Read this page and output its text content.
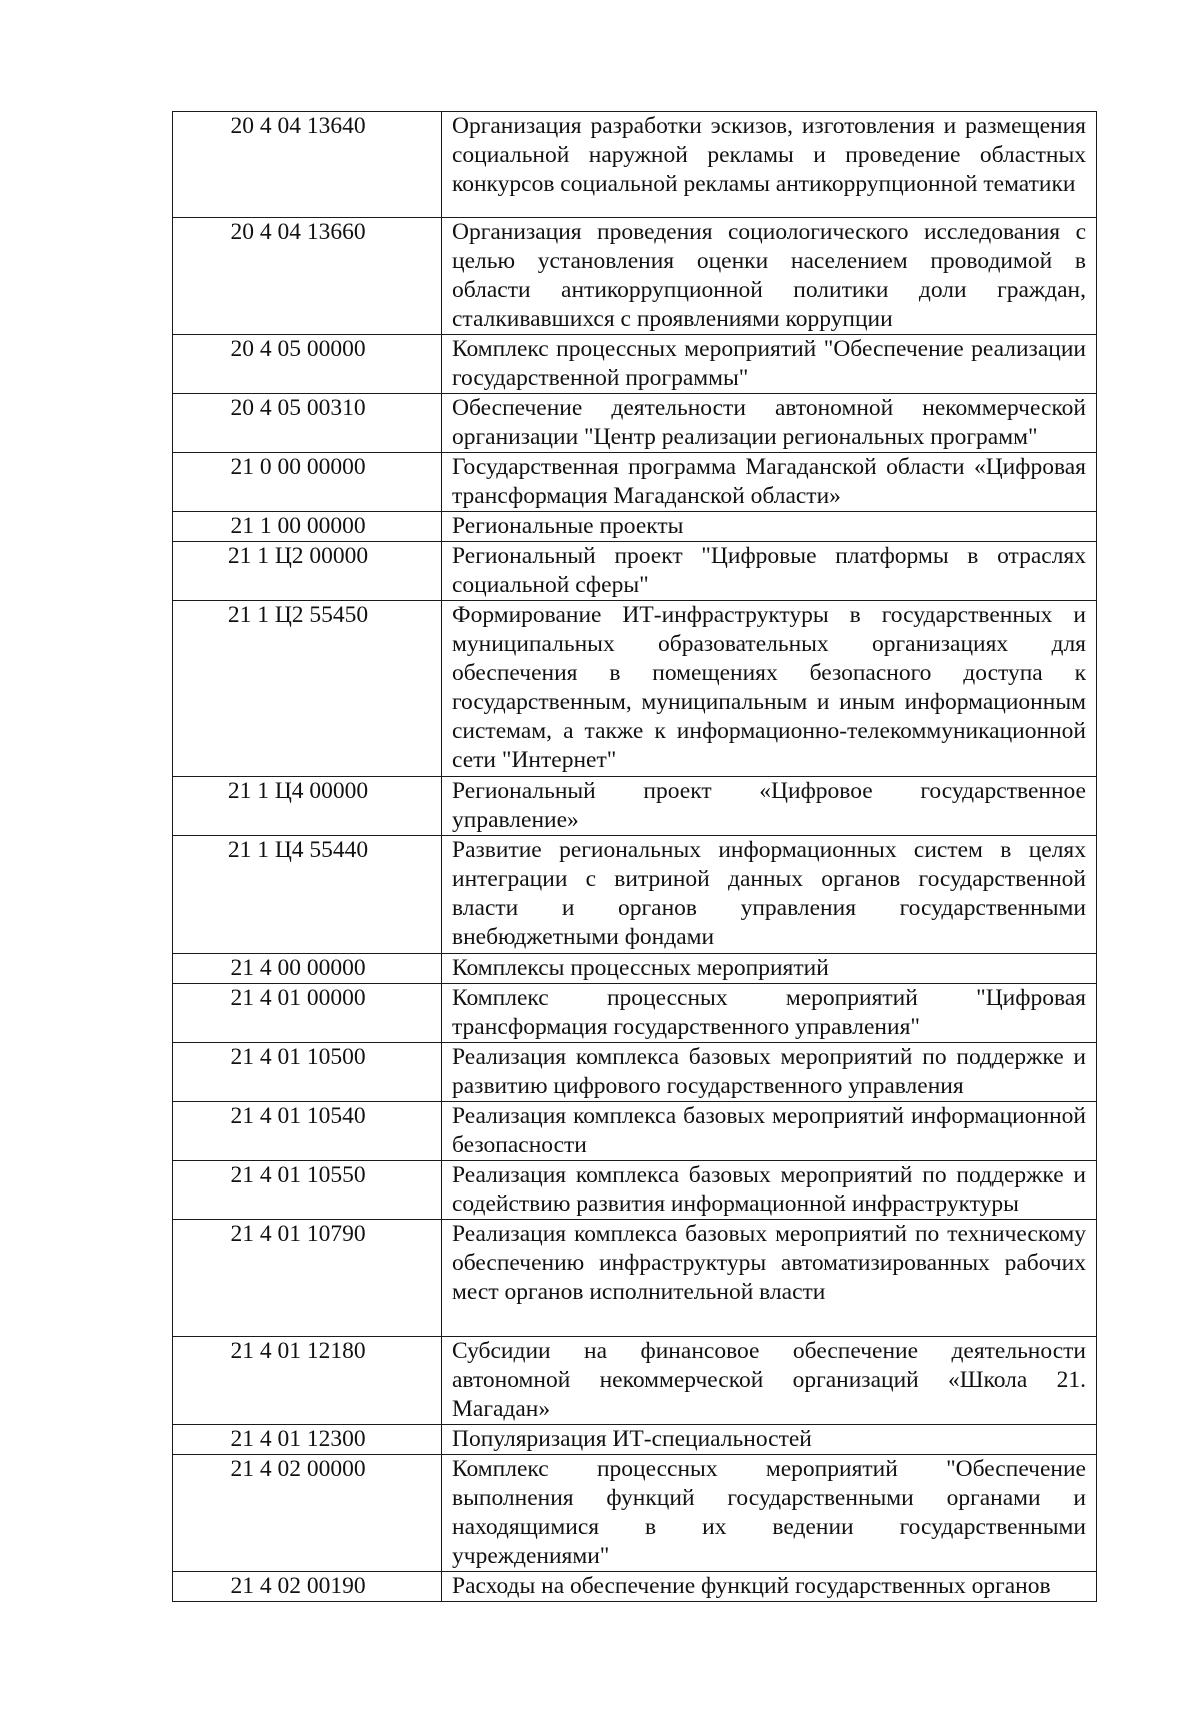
20 4 04 13640	Организация разработки эскизов, изготовления и размещения социальной наружной рекламы и проведение областных конкурсов социальной рекламы антикоррупционной тематики
20 4 04 13660	Организация проведения социологического исследования с целью установления оценки населением проводимой в области антикоррупционной политики доли граждан, сталкивавшихся с проявлениями коррупции
20 4 05 00000	Комплекс процессных мероприятий "Обеспечение реализации государственной программы"
20 4 05 00310	Обеспечение деятельности автономной некоммерческой организации "Центр реализации региональных программ"
21 0 00 00000	Государственная программа Магаданской области «Цифровая трансформация Магаданской области»
21 1 00 00000	Региональные проекты
21 1 Ц2 00000	Региональный проект "Цифровые платформы в отраслях социальной сферы"
21 1 Ц2 55450	Формирование ИТ-инфраструктуры в государственных и муниципальных образовательных организациях для обеспечения в помещениях безопасного доступа к государственным, муниципальным и иным информационным системам, а также к информационно-телекоммуникационной сети "Интернет"
21 1 Ц4 00000	Региональный проект «Цифровое государственное управление»
21 1 Ц4 55440	Развитие региональных информационных систем в целях интеграции с витриной данных органов государственной власти и органов управления государственными внебюджетными фондами
21 4 00 00000	Комплексы процессных мероприятий
21 4 01 00000	Комплекс процессных мероприятий "Цифровая трансформация государственного управления"
21 4 01 10500	Реализация комплекса базовых мероприятий по поддержке и развитию цифрового государственного управления
21 4 01 10540	Реализация комплекса базовых мероприятий информационной безопасности
21 4 01 10550	Реализация комплекса базовых мероприятий по поддержке и содействию развития информационной инфраструктуры
21 4 01 10790	Реализация комплекса базовых мероприятий по техническому обеспечению инфраструктуры автоматизированных рабочих мест органов исполнительной власти
21 4 01 12180	Субсидии на финансовое обеспечение деятельности автономной некоммерческой организаций «Школа 21. Магадан»
21 4 01 12300	Популяризация ИТ-специальностей
21 4 02 00000	Комплекс процессных мероприятий "Обеспечение выполнения функций государственными органами и находящимися в их ведении государственными учреждениями"
21 4 02 00190	Расходы на обеспечение функций государственных органов
